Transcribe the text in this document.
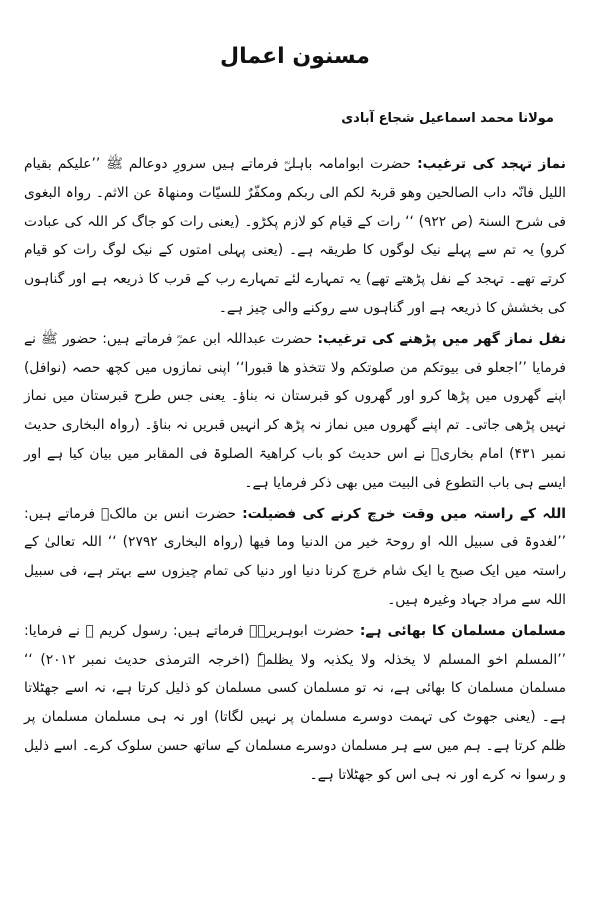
مسنون اعمال
مولانا محمد اسماعیل شجاع آبادی

نماز تہجد کی ترغیب: حضرت ابوامامہ باہلیؓ فرماتے ہیں سرورِ دوعالم ﷺ ’’علیکم بقیام اللیل فانّہ داب الصالحین وھو قربۃ لکم الی ربکم ومکفّرٌ للسیّات ومنھاۃ عن الاثم۔ رواہ البغوی فی شرح السنۃ (ص ۹۲۲) ‘‘ رات کے قیام کو لازم پکڑو۔ (یعنی رات کو جاگ کر اللہ کی عبادت کرو) یہ تم سے پہلے نیک لوگوں کا طریقہ ہے۔ (یعنی پہلی امتوں کے نیک لوگ رات کو قیام کرتے تھے۔ تہجد کے نفل پڑھتے تھے) یہ تمہارے لئے تمہارے رب کے قرب کا ذریعہ ہے اور گناہوں کی بخشش کا ذریعہ ہے اور گناہوں سے روکنے والی چیز ہے۔

نفل نماز گھر میں پڑھنے کی ترغیب: حضرت عبداللہ ابن عمرؓ فرماتے ہیں: حضور ﷺ نے فرمایا ’’اجعلو فی بیوتکم من صلوتکم ولا تتخذو ھا قبورا‘‘ اپنی نمازوں میں کچھ حصہ (نوافل) اپنے گھروں میں پڑھا کرو اور گھروں کو قبرستان نہ بناؤ۔ یعنی جس طرح قبرستان میں نماز نہیں پڑھی جاتی۔ تم اپنے گھروں میں نماز نہ پڑھ کر انہیں قبریں نہ بناؤ۔ (رواہ البخاری حدیث نمبر ۴۳۱) امام بخاریؒ نے اس حدیث کو باب کراھیۃ الصلوۃ فی المقابر میں بیان کیا ہے اور ایسے ہی باب التطوع فی البیت میں بھی ذکر فرمایا ہے۔

اللہ کے راستہ میں وقت خرچ کرنے کی فضیلت: حضرت انس بن مالکؓ فرماتے ہیں: ’’لغدوۃ فی سبیل اللہ او روحۃ خیر من الدنیا وما فیھا (رواہ البخاری ۲۷۹۲) ‘‘ اللہ تعالیٰ کے راستہ میں ایک صبح یا ایک شام خرچ کرنا دنیا اور دنیا کی تمام چیزوں سے بہتر ہے، فی سبیل اللہ سے مراد جہاد وغیرہ ہیں۔

مسلمان مسلمان کا بھائی ہے: حضرت ابوہریرہؓ فرماتے ہیں: رسول کریم ﷺ نے فرمایا: ’’المسلم اخو المسلم لا یخذلہ ولا یکذبہ ولا یظلمہٗ (اخرجہ الترمذی حدیث نمبر ۲۰۱۲) ‘‘ مسلمان مسلمان کا بھائی ہے، نہ تو مسلمان کسی مسلمان کو ذلیل کرتا ہے، نہ اسے جھٹلاتا ہے۔ (یعنی جھوٹ کی تہمت دوسرے مسلمان پر نہیں لگاتا) اور نہ ہی مسلمان مسلمان پر ظلم کرتا ہے۔ ہم میں سے ہر مسلمان دوسرے مسلمان کے ساتھ حسن سلوک کرے۔ اسے ذلیل و رسوا نہ کرے اور نہ ہی اس کو جھٹلاتا ہے۔
